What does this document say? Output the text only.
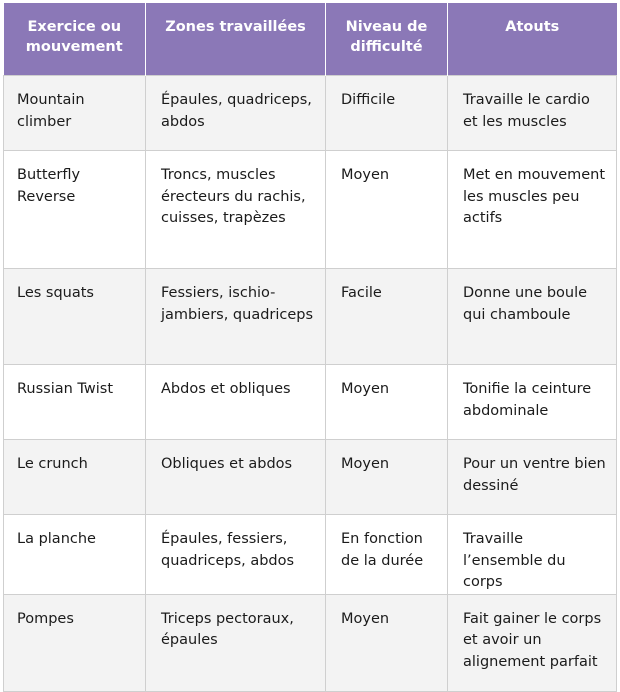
Exercice ou mouvement	Zones travaillées	Niveau de difficulté	Atouts
Mountain climber	Épaules, quadriceps, abdos	Difficile	Travaille le cardio et les muscles
Butterfly Reverse	Troncs, muscles érecteurs du rachis, cuisses, trapèzes	Moyen	Met en mouvement les muscles peu actifs
Les squats	Fessiers, ischio-jambiers, quadriceps	Facile	Donne une boule qui chamboule
Russian Twist	Abdos et obliques	Moyen	Tonifie la ceinture abdominale
Le crunch	Obliques et abdos	Moyen	Pour un ventre bien dessiné
La planche	Épaules, fessiers, quadriceps, abdos	En fonction de la durée	Travaille l’ensemble du corps
Pompes	Triceps pectoraux, épaules	Moyen	Fait gainer le corps et avoir un alignement parfait
